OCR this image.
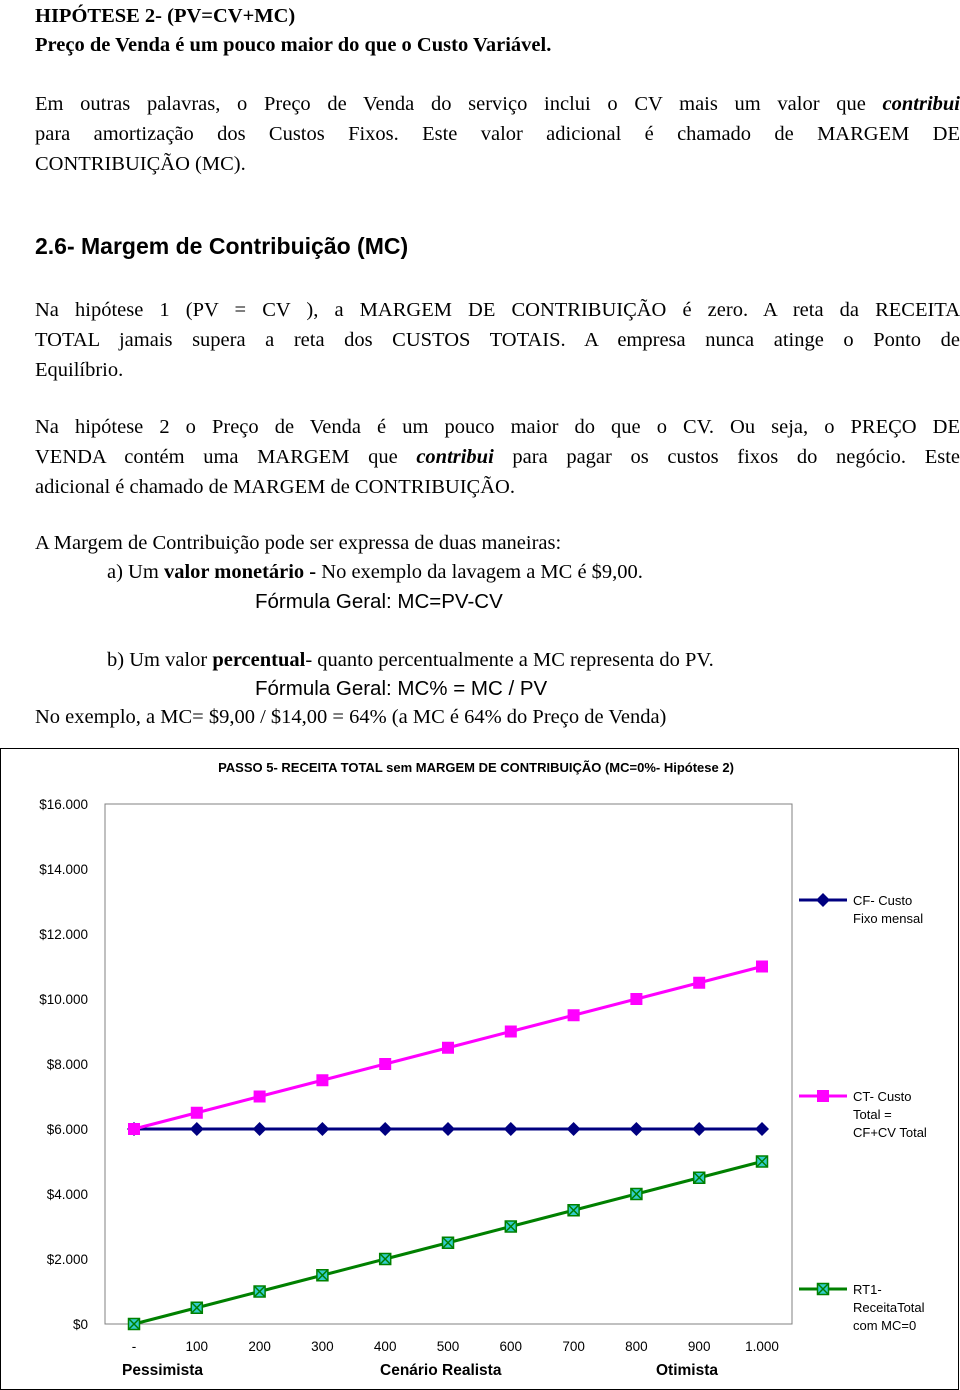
HIPÓTESE 2- (PV=CV+MC)
Preço de Venda é um pouco maior do que o Custo Variável.
Em outras palavras, o Preço de Venda do serviço inclui o CV mais um valor que contribui
para amortização dos Custos Fixos. Este valor adicional é chamado de MARGEM DE
CONTRIBUIÇÃO (MC).
2.6- Margem de Contribuição (MC)
Na hipótese 1 (PV = CV ), a MARGEM DE CONTRIBUIÇÃO é zero. A reta da RECEITA
TOTAL jamais supera a reta dos CUSTOS TOTAIS. A empresa nunca atinge o Ponto de
Equilíbrio.
Na hipótese 2 o Preço de Venda é um pouco maior do que o CV. Ou seja, o PREÇO DE
VENDA contém uma MARGEM que contribui para pagar os custos fixos do negócio. Este
adicional é chamado de MARGEM de CONTRIBUIÇÃO.
A Margem de Contribuição pode ser expressa de duas maneiras:
a) Um valor monetário - No exemplo da lavagem a MC é $9,00.
Fórmula Geral: MC=PV-CV
b) Um valor percentual- quanto percentualmente a MC representa do PV.
Fórmula Geral: MC% = MC / PV
No exemplo, a MC= $9,00 / $14,00 = 64% (a MC é 64% do Preço de Venda)
PASSO 5- RECEITA TOTAL sem MARGEM DE CONTRIBUIÇÃO (MC=0%- Hipótese 2)
$0
$2.000
$4.000
$6.000
$8.000
$10.000
$12.000
$14.000
$16.000
-	100	200	300	400	500	600	700	800	900	1.000
CF- Custo
Fixo mensal
CT- Custo
Total =
CF+CV Total
RT1-
ReceitaTotal
com MC=0
Pessimista	Cenário Realista	Otimista
